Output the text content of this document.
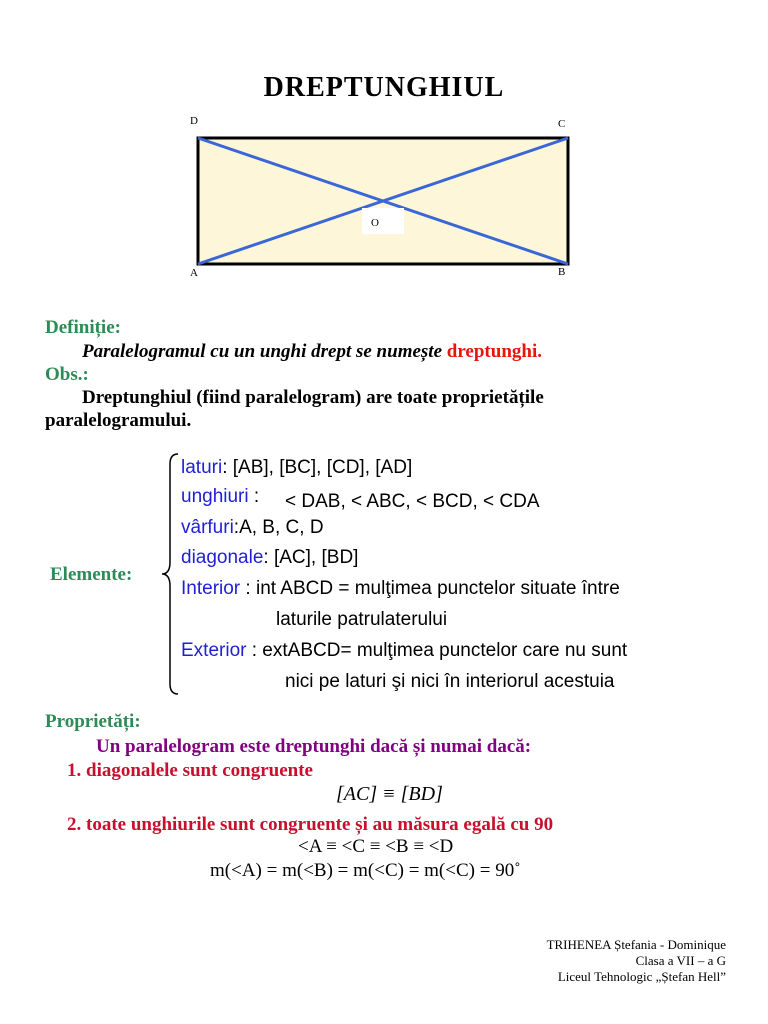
DREPTUNGHIUL
D	C
A	B
O
Definiție:
Paralelogramul cu un unghi drept se numește dreptunghi.
Obs.:
Dreptunghiul (fiind paralelogram) are toate proprietățile
paralelogramului.
Elemente:
laturi: [AB], [BC], [CD], [AD]
unghiuri : < DAB, < ABC, < BCD, < CDA
vârfuri:A, B, C, D
diagonale: [AC], [BD]
Interior : int ABCD = mulţimea punctelor situate între
laturile patrulaterului
Exterior : extABCD= mulţimea punctelor care nu sunt
nici pe laturi şi nici în interiorul acestuia
Proprietăți:
Un paralelogram este dreptunghi dacă și numai dacă:
1. diagonalele sunt congruente
[AC] ≡ [BD]
2. toate unghiurile sunt congruente și au măsura egală cu 90
<A ≡ <C ≡ <B ≡ <D
m(<A) = m(<B) = m(<C) = m(<C) = 90˚
TRIHENEA Ștefania - Dominique
Clasa a VII – a G
Liceul Tehnologic „Ștefan Hell”
